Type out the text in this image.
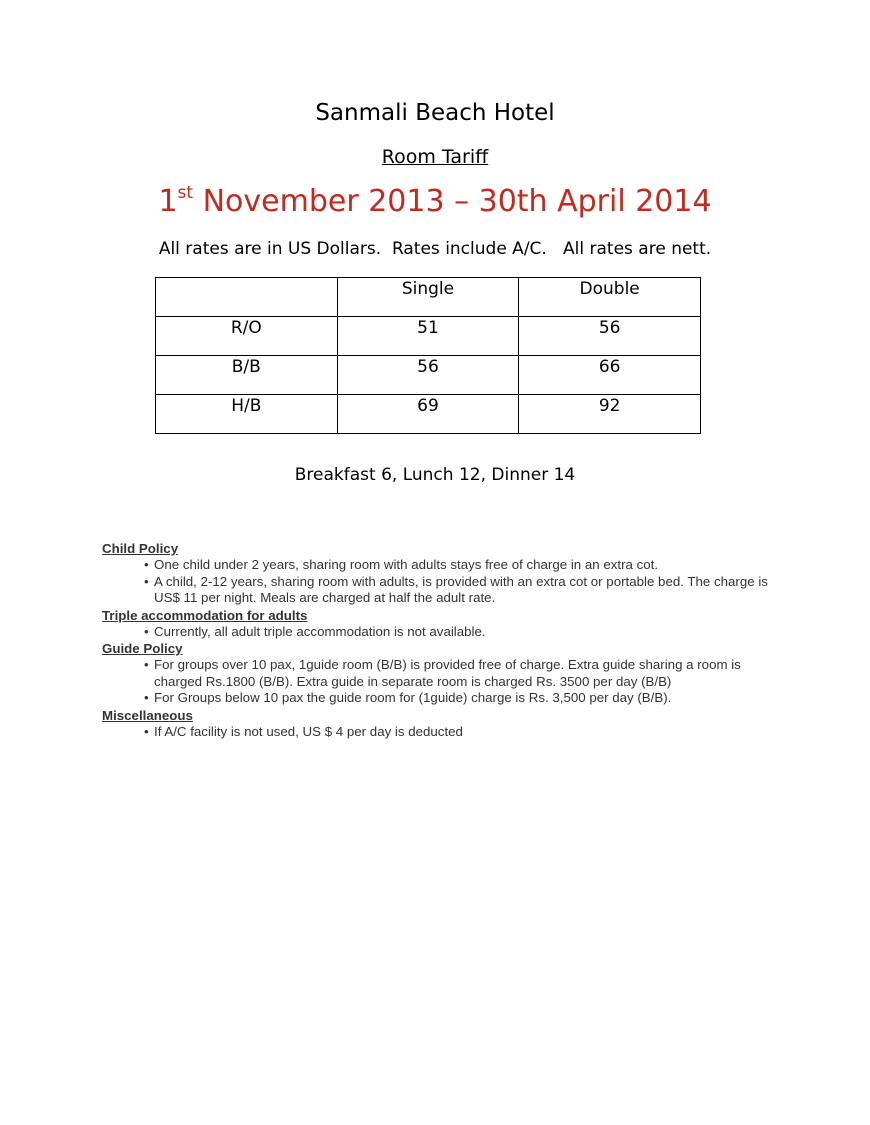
Sanmali Beach Hotel
Room Tariff
1st November 2013 – 30th April 2014
All rates are in US Dollars.  Rates include A/C.   All rates are nett.
	Single	Double
R/O	51	56
B/B	56	66
H/B	69	92
Breakfast 6, Lunch 12, Dinner 14
Child Policy
• One child under 2 years, sharing room with adults stays free of charge in an extra cot.
• A child, 2-12 years, sharing room with adults, is provided with an extra cot or portable bed. The charge is US$ 11 per night. Meals are charged at half the adult rate.
Triple accommodation for adults
• Currently, all adult triple accommodation is not available.
Guide Policy
• For groups over 10 pax, 1guide room (B/B) is provided free of charge. Extra guide sharing a room is charged Rs.1800 (B/B). Extra guide in separate room is charged Rs. 3500 per day (B/B)
• For Groups below 10 pax the guide room for (1guide) charge is Rs. 3,500 per day (B/B).
Miscellaneous
• If A/C facility is not used, US $ 4 per day is deducted
